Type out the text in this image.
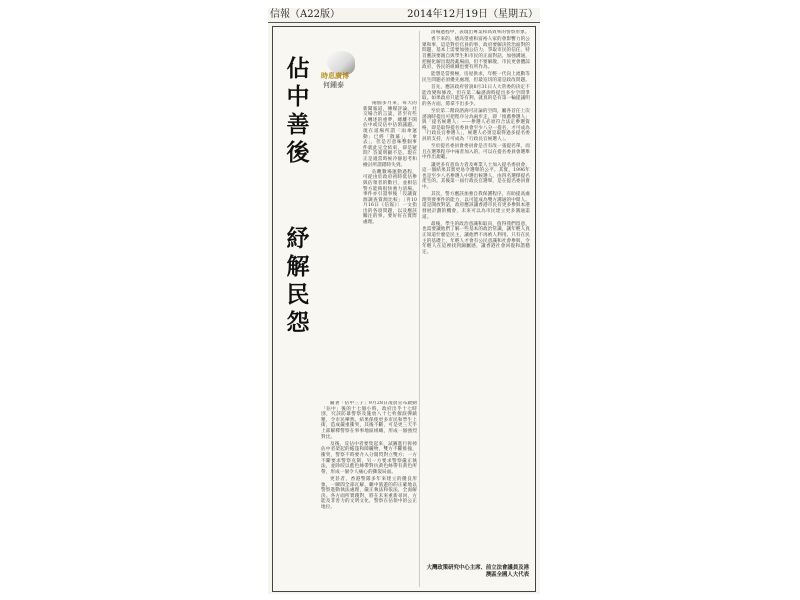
信報（A22版）	2014年12月19日（星期五）
佔
中
善
後
紓
解
民
怨
時息廣博
何鍾泰

兩個多月來，每天的新聞報道，傳媒評論，社交場合的言談，甚至有些人轉述的重夢，總離不開佔中或反佔中佔領議題。現在道場所謂「雨傘運動」已經「散幕」，「傘去」，但是否意味整個事件就此完全結束，卻是疑問？答案明顯不是。現在正是適當時候冷靜思考和檢討所謂錯時失到。

佔觀數場運動過程，可從由於政府初時低估參與佔領者的數目，並相信警方能夠很快強力清場。事件亦引證事後「沒讓資源調查資源比較」〔刊10月16日《信報》〕一文指出的各項問題，以及應該關注的事。要好好在實際處理。

隨著「佔中三子」9月28日凌晨宣布啟動「佔中」後的十七個小時，政府出乎十七時別，究該防暴警察及施放八十七枚催淚彈鎮壓，令市民嘩然。結果保使更多市民和學生上街，造成嚴重衝突，其後不斷，可是更三天半上部解釋警察在事事地區組織，形成一個強烈對比。

及後，反佔中者要集起來，試圖進行拆掉佔中者架起的帳篷和障礙物，雙方不斷推撞，衝突，警察不時要介入分開閃對立雙方；一方不斷要求警察克制，另一方要求警察嚴正執法，並除咬以藍色絲帶對抗黃色絲帶有黃色所帶，形成一個令人痛心的撕裂局面。

更甚者，香港警隊多年來建立的優良形象，一瞬間全部瓦解，繼中旅遊的的正確地以警察進動執法處理，嚴正執法和依法，全面解決。各方面所實踐對，將在未來重新尋回，方能及非善力的文明文化，警察在佔領中的公正地位。

清場過程中，表現出專業和高效率的警察形象。

香下來的，德高望重和富裕人家的會影響力的公眾和事，這是對於官員的事，政府要解決管治面對的問題，基本上需要加強公信力，爭取市民的信任，特首應該要親自與學生和市民的正面對話，加強溝通，把握化解出現混亂場面，但不要解散，市民更會體諒政府，各民的組織也要有所作為。

能想是當務極，房屋供求，年輕一代向上流動等民生問題必須優先處理，但最迫切的還是政改問題。

首先，應該政府曾說8月31日人大常委的決定不能改變和修改。但在第二輪諮詢時提出多少空間爭取。如果政府只能等有利，就真的是有第一輪提議明的各方面，將拿不出多少。

至於第二階段諮詢可討論的空間，屬各首任上次諮詢時提出可把程序分為兩步走，即「推薦參選人」與「提名候選人」——參選人必須符合法定參選資格，即是取得提名委員會至少八分一提名，才可成為「行政長官參選人」，候選人必須是取得過多提名委員的支持，方可成為「行政長官候選人」。

至於提名委員會委員會是否有改一張提名單，而且在選舉程序中兩者加入的，可以在提名委員會選舉中作出規範。

讓更多有意角力者及專業人士加入提名委員會，這一個結果其實更易令選舉的公平。其實，1996年也是至少八名參選人中選出候選人，由四名選擇提名產生的。其後第一屆行政長官選舉，是在提名委員會中。

其次，警方應該加強自我保護程序，有助提高處理突發事件的能力，以可能成為雙方溝通的中間人。還是開放對話，政府應該讓香港市民有更多參與本港發展計劃的機會，未來可以為市民建立更多溝通渠道。

最後，學生的政治意識和取向，值得我們留意，也需要讓他們了解一些基本的政治常識，讓年輕人真正知道什麼是民主，讓他們不再被人利用。只有在民主的基礎上，年輕人才會有公民意識和社會參與，令年輕人在這裡找到歸屬感，讓香港社會回復和諧穩定。

大灣政策研究中心主席、前立法會議員及港澳區全國人大代表
